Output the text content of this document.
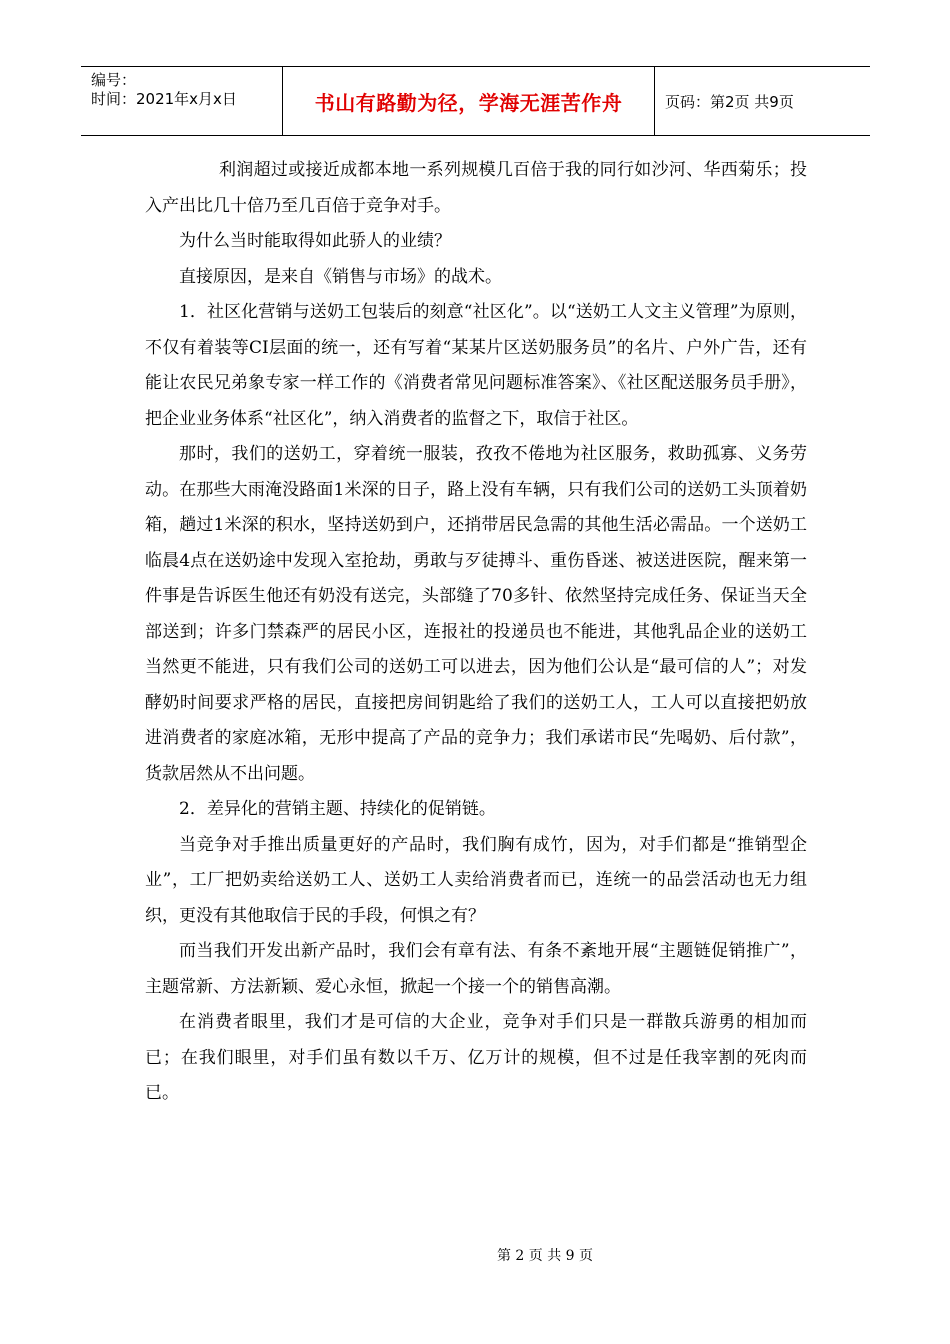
编号：
时间：2021年x月x日	书山有路勤为径，学海无涯苦作舟	页码：第2页 共9页

利润超过或接近成都本地一系列规模几百倍于我的同行如沙河、华西菊乐；投入产出比几十倍乃至几百倍于竞争对手。

为什么当时能取得如此骄人的业绩？

直接原因，是来自《销售与市场》的战术。

1．社区化营销与送奶工包装后的刻意“社区化”。以“送奶工人文主义管理”为原则，不仅有着装等CI层面的统一，还有写着“某某片区送奶服务员”的名片、户外广告，还有能让农民兄弟象专家一样工作的《消费者常见问题标准答案》、《社区配送服务员手册》，把企业业务体系“社区化”，纳入消费者的监督之下，取信于社区。

那时，我们的送奶工，穿着统一服装，孜孜不倦地为社区服务，救助孤寡、义务劳动。在那些大雨淹没路面1米深的日子，路上没有车辆，只有我们公司的送奶工头顶着奶箱，趟过1米深的积水，坚持送奶到户，还捎带居民急需的其他生活必需品。一个送奶工临晨4点在送奶途中发现入室抢劫，勇敢与歹徒搏斗、重伤昏迷、被送进医院，醒来第一件事是告诉医生他还有奶没有送完，头部缝了70多针、依然坚持完成任务、保证当天全部送到；许多门禁森严的居民小区，连报社的投递员也不能进，其他乳品企业的送奶工当然更不能进，只有我们公司的送奶工可以进去，因为他们公认是“最可信的人”；对发酵奶时间要求严格的居民，直接把房间钥匙给了我们的送奶工人，工人可以直接把奶放进消费者的家庭冰箱，无形中提高了产品的竞争力；我们承诺市民“先喝奶、后付款”，货款居然从不出问题。

2．差异化的营销主题、持续化的促销链。

当竞争对手推出质量更好的产品时，我们胸有成竹，因为，对手们都是“推销型企业”，工厂把奶卖给送奶工人、送奶工人卖给消费者而已，连统一的品尝活动也无力组织，更没有其他取信于民的手段，何惧之有？

而当我们开发出新产品时，我们会有章有法、有条不紊地开展“主题链促销推广”，主题常新、方法新颖、爱心永恒，掀起一个接一个的销售高潮。

在消费者眼里，我们才是可信的大企业，竞争对手们只是一群散兵游勇的相加而已；在我们眼里，对手们虽有数以千万、亿万计的规模，但不过是任我宰割的死肉而已。

第 2 页 共 9 页
